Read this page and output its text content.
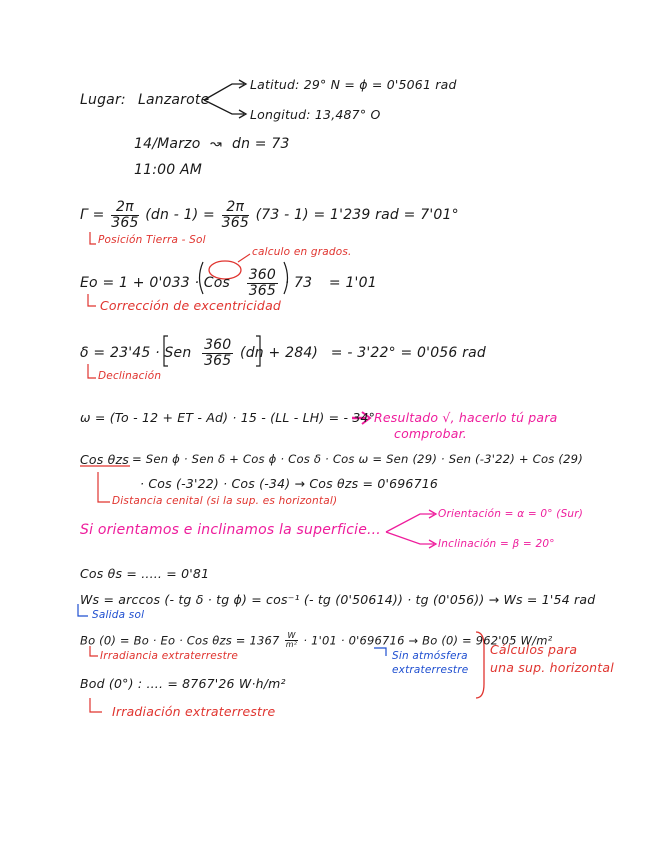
Lugar: Lanzarote
Latitud: 29° N = ϕ = 0'5061 rad
Longitud: 13,487° O
14/Marzo ↝ dn = 73
11:00 AM
$\Gamma = \frac{2\pi}{365} (dn - 1) = \frac{2\pi}{365} (73 - 1) = 1'239$ rad = 7'01°
Posición Tierra - Sol
calculo en grados.
Eo = 1 + 0'033 · Cos $\frac{360}{365} \cdot 73 = 1'01$
Corrección de excentricidad
δ = 23'45 · Sen $\frac{360}{365} (dn + 284)$ = - 3'22° = 0'056 rad
Declinación
ω = (To - 12 + ET - Ad) · 15 - (LL - LH) = - 34°
Resultado √, hacerlo tú para
comprobar.
Cos θzs = Sen ϕ · Sen δ + Cos ϕ · Cos δ · Cos ω = Sen (29) · Sen (-3'22) + Cos (29)
· Cos (-3'22) · Cos (-34) → Cos θzs = 0'696716
Distancia cenital (si la sup. es horizontal)
Si orientamos e inclinamos la superficie...
Orientación = α = 0° (Sur)
Inclinación = β = 20°
Cos θs = ..... = 0'81
Ws = arccos (- tg δ · tg ϕ) = cos⁻¹ (- tg (0'50614)) · tg (0'056)) → Ws = 1'54 rad
Salida sol
Bo (0) = Bo · Eo · Cos $\theta zs = 1367 \frac{W}{\text{m²}} \cdot 1'01 \cdot 0'696716 \to Bo$ (0) = 962'05 W/m²
Irradiancia extraterrestre	Sin atmósfera
extraterrestre
Cálculos para
una sup. horizontal
Bod (0°) : .... = 8767'26 W·h/m²
Irradiación extraterrestre
